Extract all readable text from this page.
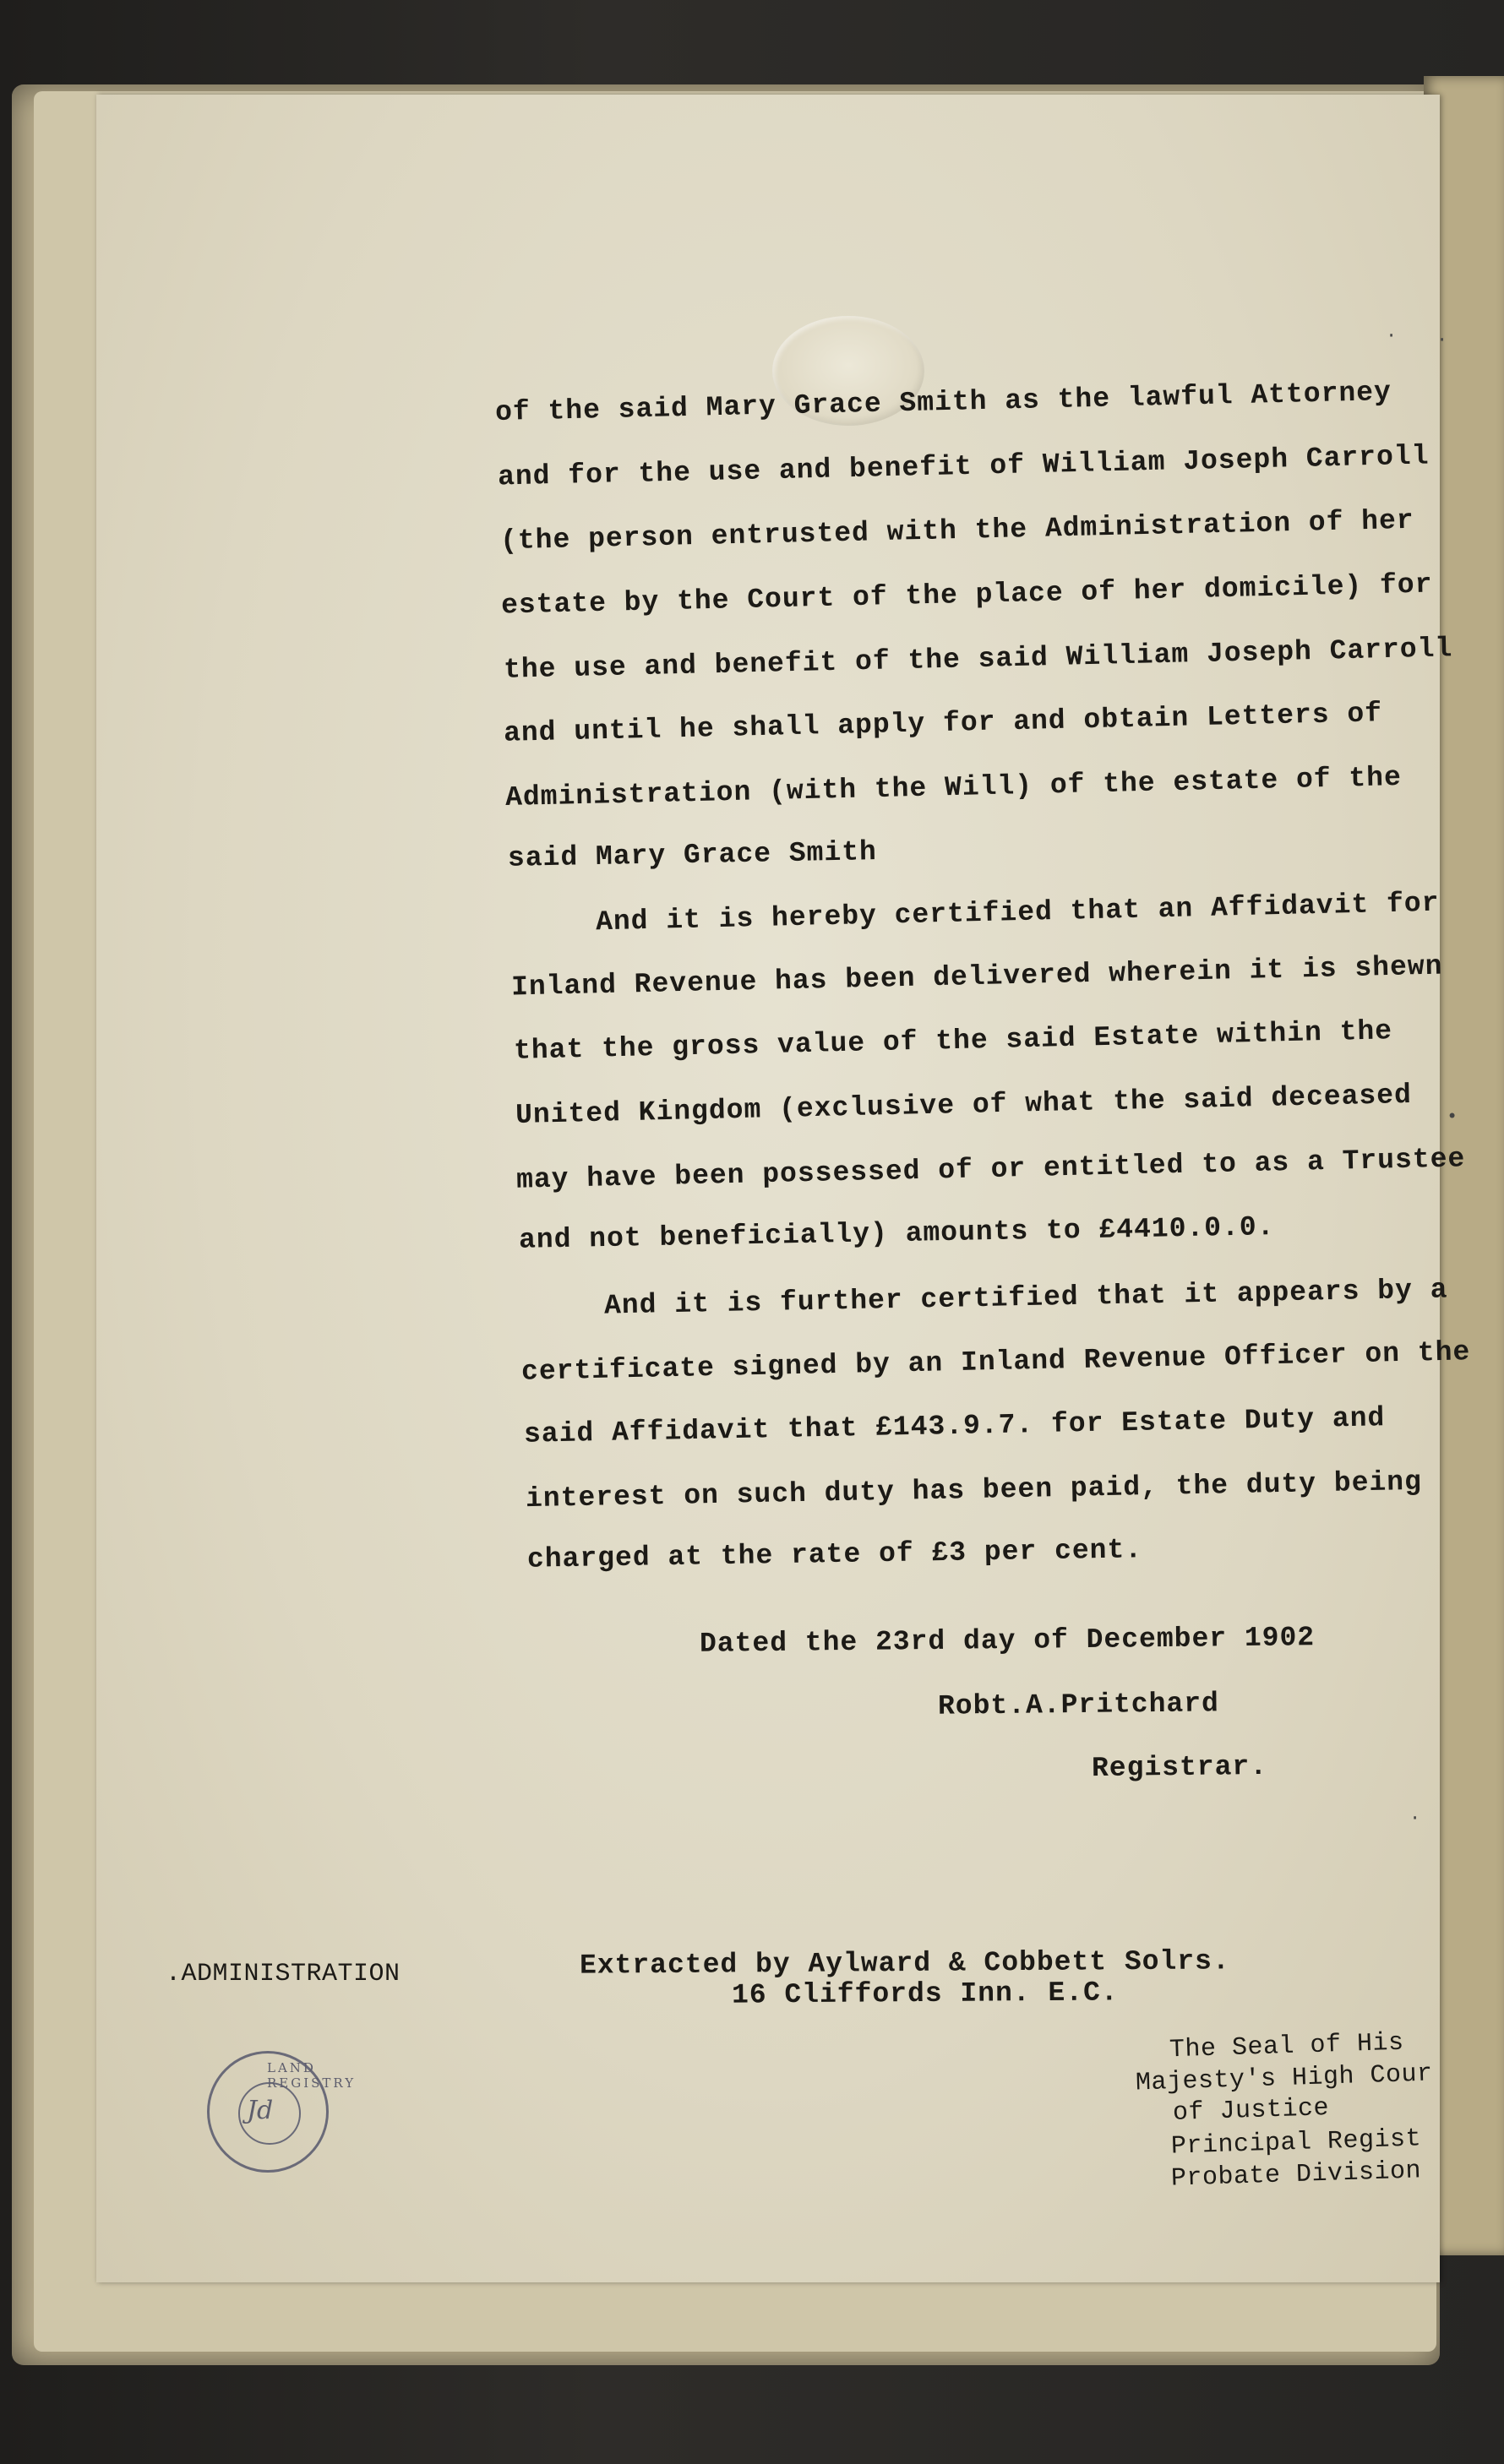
of the said Mary Grace Smith as the lawful Attorney
and for the use and benefit of William Joseph Carroll
(the person entrusted with the Administration of her
estate by the Court of the place of her domicile) for
the use and benefit of the said William Joseph Carroll
and until he shall apply for and obtain Letters of
Administration (with the Will) of the estate of the
said Mary Grace Smith
And it is hereby certified that an Affidavit for
Inland Revenue has been delivered wherein it is shewn
that the gross value of the said Estate within the
United Kingdom (exclusive of what the said deceased
may have been possessed of or entitled to as a Trustee
and not beneficially) amounts to £4410.0.0.
And it is further certified that it appears by a
certificate signed by an Inland Revenue Officer on the
said Affidavit that £143.9.7. for Estate Duty and
interest on such duty has been paid, the duty being
charged at the rate of £3 per cent.
Dated the 23rd day of December 1902
Robt.A.Pritchard
Registrar.
.ADMINISTRATION	Extracted by Aylward & Cobbett Solrs.
16 Cliffords Inn. E.C.
The Seal of His
Majesty's High Cour
of Justice
Principal Regist
Probate Division
Jd
LAND REGISTRY
· ·
•
·
